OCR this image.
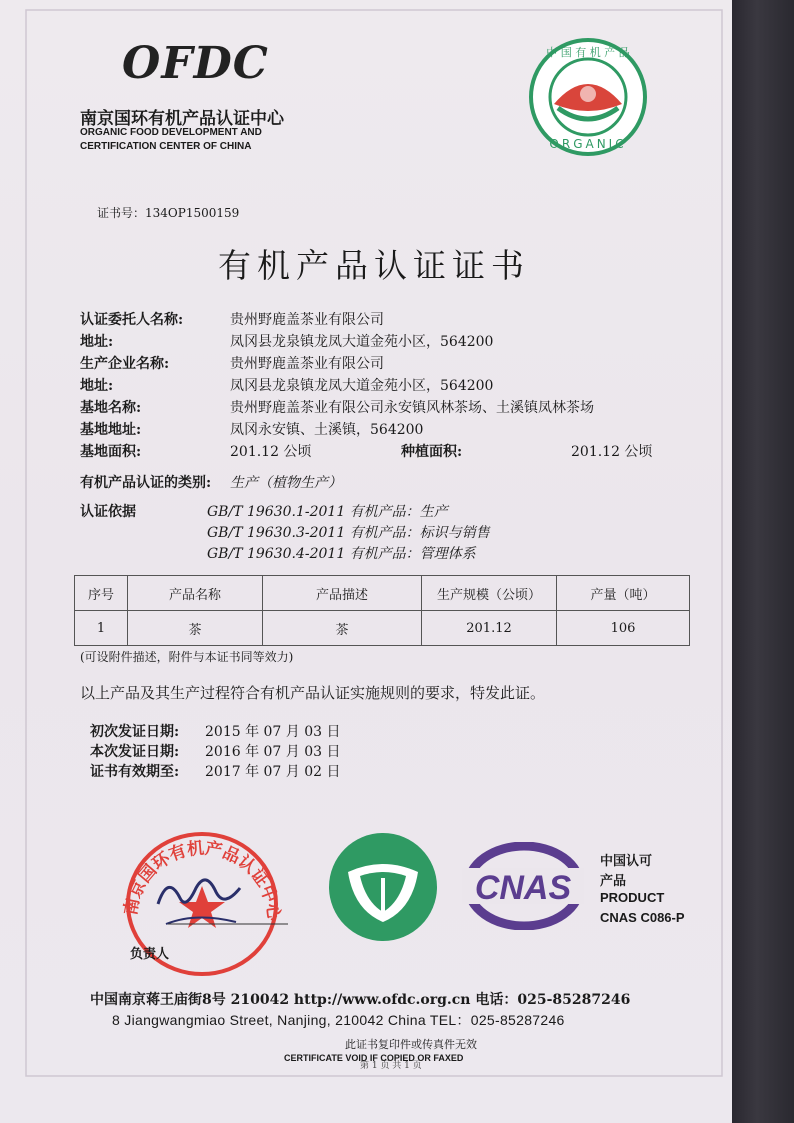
OFDC
南京国环有机产品认证中心
ORGANIC FOOD DEVELOPMENT AND
CERTIFICATION CENTER OF CHINA
中 国 有 机 产 品
ORGANIC
证书号：134OP1500159
有机产品认证证书
认证委托人名称:	贵州野鹿盖茶业有限公司
地址:	凤冈县龙泉镇龙凤大道金苑小区，564200
生产企业名称:	贵州野鹿盖茶业有限公司
地址:	凤冈县龙泉镇龙凤大道金苑小区，564200
基地名称:	贵州野鹿盖茶业有限公司永安镇风林茶场、土溪镇凤林茶场
基地地址:	凤冈永安镇、土溪镇，564200
基地面积:	201.12 公顷	种植面积:	201.12 公顷
有机产品认证的类别: 生产（植物生产）
认证依据	GB/T 19630.1-2011 有机产品：生产
GB/T 19630.3-2011 有机产品：标识与销售
GB/T 19630.4-2011 有机产品：管理体系
序号	产品名称	产品描述	生产规模（公顷）	产量（吨）
1	茶	茶	201.12	106
(可设附件描述，附件与本证书同等效力)
以上产品及其生产过程符合有机产品认证实施规则的要求，特发此证。
初次发证日期: 2015 年 07 月 03 日
本次发证日期: 2016 年 07 月 03 日
证书有效期至: 2017 年 07 月 02 日
南京国环有机产品认证中心
负责人
CNAS
中国认可
产品
PRODUCT
CNAS C086-P
中国南京蒋王庙街8号 210042 http://www.ofdc.org.cn 电话：025-85287246
8 Jiangwangmiao Street, Nanjing, 210042 China TEL：025-85287246
此证书复印件或传真件无效
CERTIFICATE VOID IF COPIED OR FAXED
第 1 页 共 1 页
